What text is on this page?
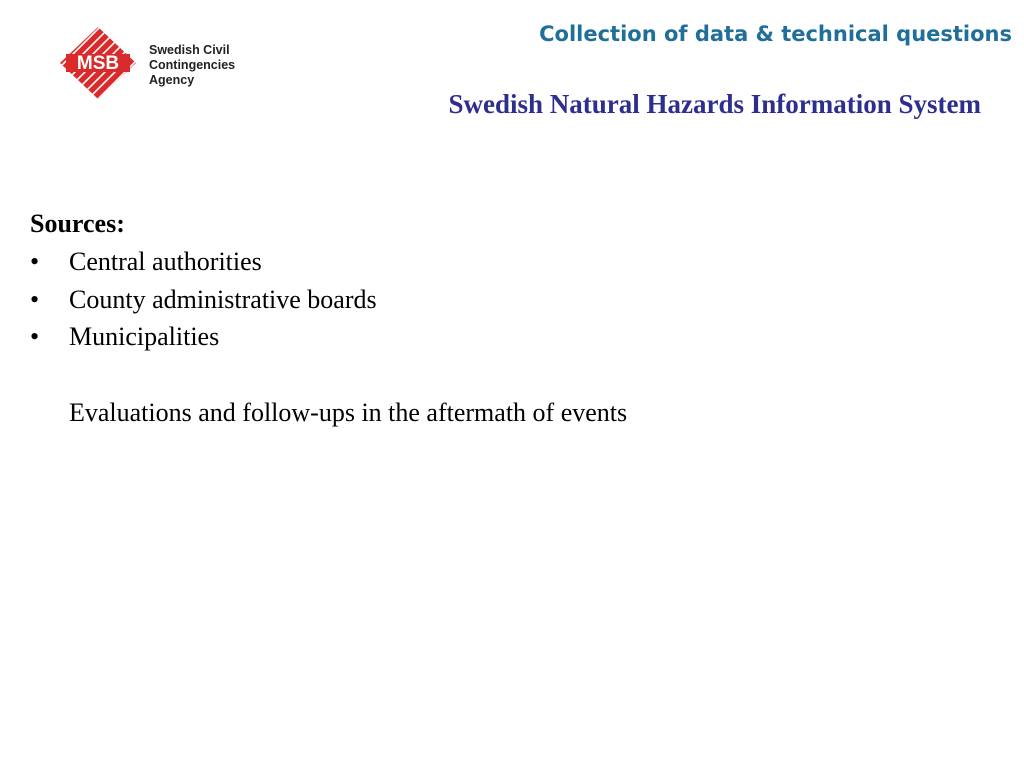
MSB
Swedish Civil
Contingencies
Agency
Collection of data & technical questions
Swedish Natural Hazards Information System
Sources:
• Central authorities
• County administrative boards
• Municipalities
Evaluations and follow-ups in the aftermath of events
